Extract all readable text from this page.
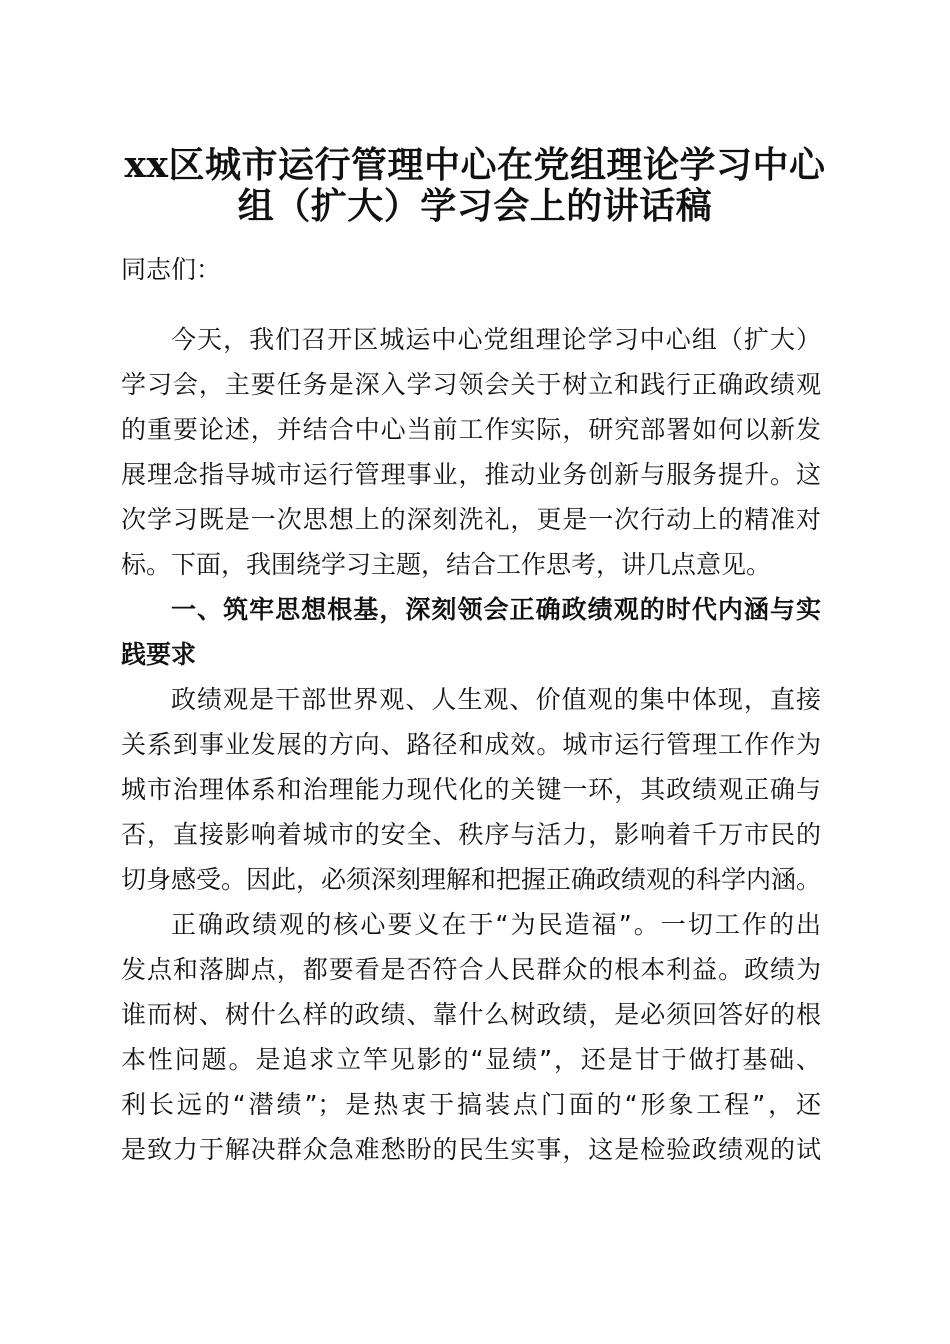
xx区城市运行管理中心在党组理论学习中心
组（扩大）学习会上的讲话稿
同志们：
今天，我们召开区城运中心党组理论学习中心组（扩大）
学习会，主要任务是深入学习领会关于树立和践行正确政绩观
的重要论述，并结合中心当前工作实际，研究部署如何以新发
展理念指导城市运行管理事业，推动业务创新与服务提升。这
次学习既是一次思想上的深刻洗礼，更是一次行动上的精准对
标。下面，我围绕学习主题，结合工作思考，讲几点意见。
一、筑牢思想根基，深刻领会正确政绩观的时代内涵与实
践要求
政绩观是干部世界观、人生观、价值观的集中体现，直接
关系到事业发展的方向、路径和成效。城市运行管理工作作为
城市治理体系和治理能力现代化的关键一环，其政绩观正确与
否，直接影响着城市的安全、秩序与活力，影响着千万市民的
切身感受。因此，必须深刻理解和把握正确政绩观的科学内涵。
正确政绩观的核心要义在于“为民造福”。一切工作的出
发点和落脚点，都要看是否符合人民群众的根本利益。政绩为
谁而树、树什么样的政绩、靠什么树政绩，是必须回答好的根
本性问题。是追求立竿见影的“显绩”，还是甘于做打基础、
利长远的“潜绩”；是热衷于搞装点门面的“形象工程”，还
是致力于解决群众急难愁盼的民生实事，这是检验政绩观的试
